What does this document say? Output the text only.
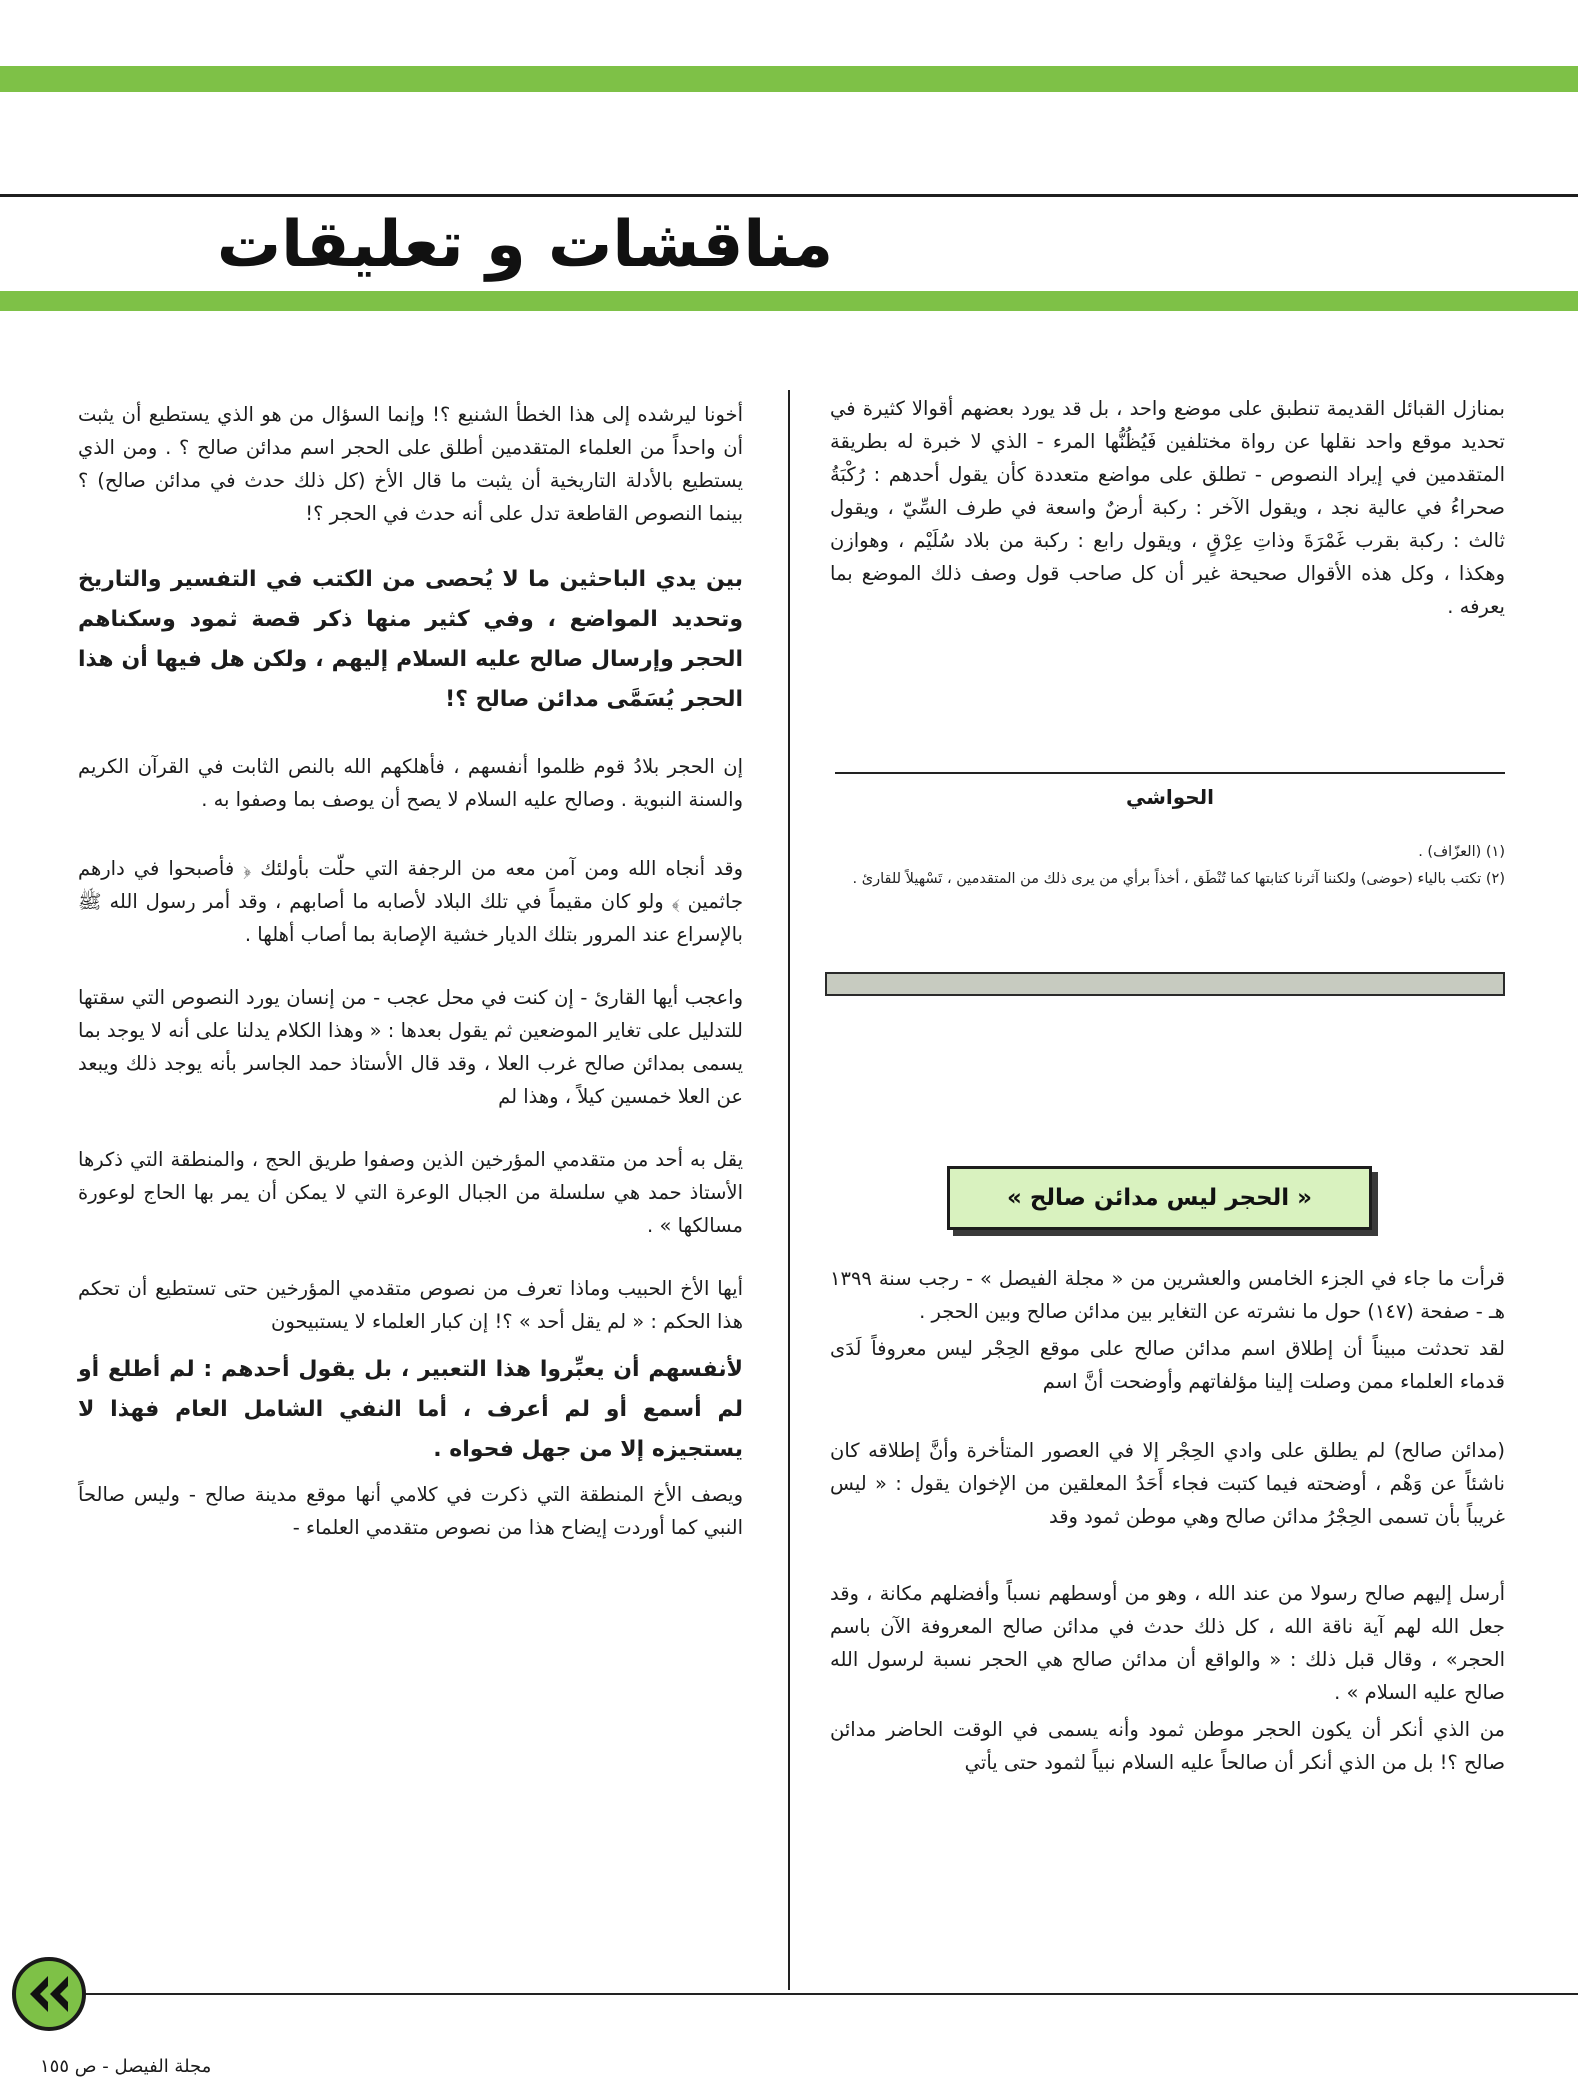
مناقشات و تعليقات

بمنازل القبائل القديمة تنطبق على موضع واحد ، بل قد يورد بعضهم أقوالا كثيرة في تحديد موقع واحد نقلها عن رواة مختلفين فَيُظُنُّها المرء - الذي لا خبرة له بطريقة المتقدمين في إيراد النصوص - تطلق على مواضع متعددة كأن يقول أحدهم : رُكْبَةُ صحراءُ في عالية نجد ، ويقول الآخر : ركبة أرضٌ واسعة في طرف السِّيّ ، ويقول ثالث : ركبة بقرب غَمْرَةَ وذاتِ عِرْقٍ ، ويقول رابع : ركبة من بلاد سُلَيْم ، وهوازن وهكذا ، وكل هذه الأقوال صحيحة غير أن كل صاحب قول وصف ذلك الموضع بما يعرفه .

الحواشي
(١) (العزّاف) .
(٢) تكتب بالياء (حوضى) ولكننا آثرنا كتابتها كما تُنْطَق ، أخذاً برأي من يرى ذلك من المتقدمين ، تَسْهيلاً للقارئ .
« الحجر ليس مدائن صالح »

قرأت ما جاء في الجزء الخامس والعشرين من « مجلة الفيصل » - رجب سنة ١٣٩٩ هـ - صفحة (١٤٧) حول ما نشرته عن التغاير بين مدائن صالح وبين الحجر .

لقد تحدثت مبيناً أن إطلاق اسم مدائن صالح على موقع الحِجْر ليس معروفاً لَدَى قدماء العلماء ممن وصلت إلينا مؤلفاتهم وأوضحت أنَّ اسم

(مدائن صالح) لم يطلق على وادي الحِجْر إلا في العصور المتأخرة وأنَّ إطلاقه كان ناشئاً عن وَهْم ، أوضحته فيما كتبت فجاء أَحَدُ المعلقين من الإخوان يقول : « ليس غريباً بأن تسمى الحِجْرُ مدائن صالح وهي موطن ثمود وقد

أرسل إليهم صالح رسولا من عند الله ، وهو من أوسطهم نسباً وأفضلهم مكانة ، وقد جعل الله لهم آية ناقة الله ، كل ذلك حدث في مدائن صالح المعروفة الآن باسم الحجر» ، وقال قبل ذلك : « والواقع أن مدائن صالح هي الحجر نسبة لرسول الله صالح عليه السلام » .

من الذي أنكر أن يكون الحجر موطن ثمود وأنه يسمى في الوقت الحاضر مدائن صالح ؟! بل من الذي أنكر أن صالحاً عليه السلام نبياً لثمود حتى يأتي

أخونا ليرشده إلى هذا الخطأ الشنيع ؟! وإنما السؤال من هو الذي يستطيع أن يثبت أن واحداً من العلماء المتقدمين أطلق على الحجر اسم مدائن صالح ؟ . ومن الذي يستطيع بالأدلة التاريخية أن يثبت ما قال الأخ (كل ذلك حدث في مدائن صالح) ؟ بينما النصوص القاطعة تدل على أنه حدث في الحجر ؟!

بين يدي الباحثين ما لا يُحصى من الكتب في التفسير والتاريخ وتحديد المواضع ، وفي كثير منها ذكر قصة ثمود وسكناهم الحجر وإرسال صالح عليه السلام إليهم ، ولكن هل فيها أن هذا الحجر يُسَمَّى مدائن صالح ؟!

إن الحجر بلادُ قوم ظلموا أنفسهم ، فأهلكهم الله بالنص الثابت في القرآن الكريم والسنة النبوية . وصالح عليه السلام لا يصح أن يوصف بما وصفوا به .

وقد أنجاه الله ومن آمن معه من الرجفة التي حلّت بأولئك ﴿ فأصبحوا في دارهم جاثمين ﴾ ولو كان مقيماً في تلك البلاد لأصابه ما أصابهم ، وقد أمر رسول الله ﷺ بالإسراع عند المرور بتلك الديار خشية الإصابة بما أصاب أهلها .

واعجب أيها القارئ - إن كنت في محل عجب - من إنسان يورد النصوص التي سقتها للتدليل على تغاير الموضعين ثم يقول بعدها : « وهذا الكلام يدلنا على أنه لا يوجد بما يسمى بمدائن صالح غرب العلا ، وقد قال الأستاذ حمد الجاسر بأنه يوجد ذلك ويبعد عن العلا خمسين كيلاً ، وهذا لم

يقل به أحد من متقدمي المؤرخين الذين وصفوا طريق الحج ، والمنطقة التي ذكرها الأستاذ حمد هي سلسلة من الجبال الوعرة التي لا يمكن أن يمر بها الحاج لوعورة مسالكها » .

أيها الأخ الحبيب وماذا تعرف من نصوص متقدمي المؤرخين حتى تستطيع أن تحكم هذا الحكم : « لم يقل أحد » ؟! إن كبار العلماء لا يستبيحون

لأنفسهم أن يعبِّروا هذا التعبير ، بل يقول أحدهم : لم أطلع أو لم أسمع أو لم أعرف ، أما النفي الشامل العام فهذا لا يستجيزه إلا من جهل فحواه .

ويصف الأخ المنطقة التي ذكرت في كلامي أنها موقع مدينة صالح - وليس صالحاً النبي كما أوردت إيضاح هذا من نصوص متقدمي العلماء -

مجلة الفيصل - ص ١٥٥
